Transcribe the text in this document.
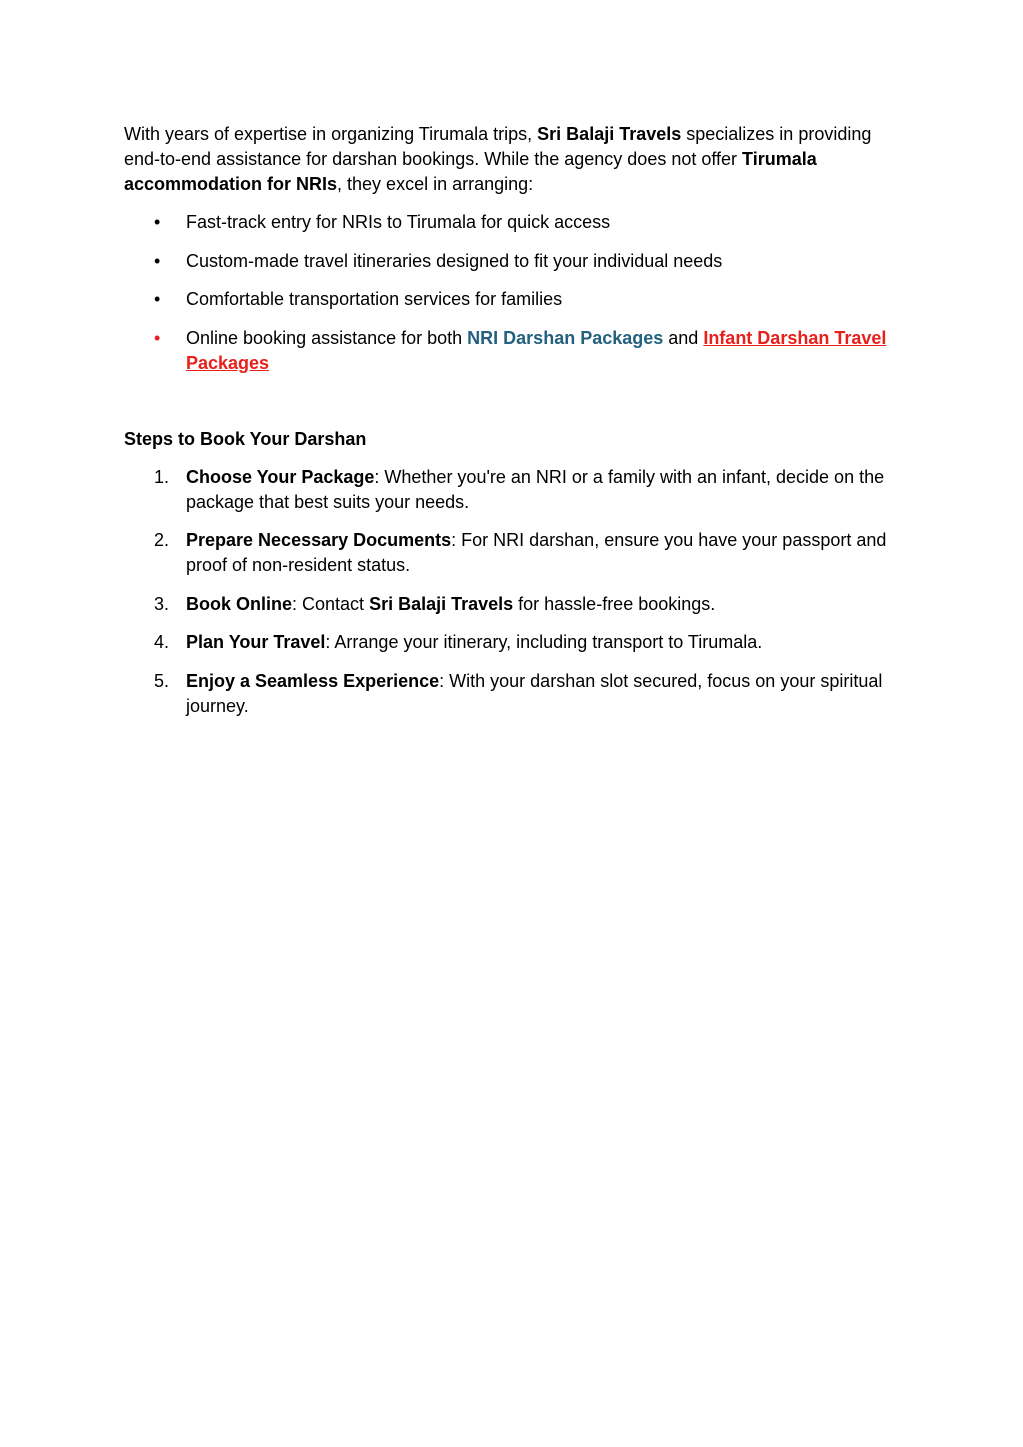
With years of expertise in organizing Tirumala trips, Sri Balaji Travels specializes in providing end-to-end assistance for darshan bookings. While the agency does not offer Tirumala accommodation for NRIs, they excel in arranging:

• Fast-track entry for NRIs to Tirumala for quick access
• Custom-made travel itineraries designed to fit your individual needs
• Comfortable transportation services for families
• Online booking assistance for both NRI Darshan Packages and Infant Darshan Travel Packages

Steps to Book Your Darshan

1. Choose Your Package: Whether you're an NRI or a family with an infant, decide on the package that best suits your needs.
2. Prepare Necessary Documents: For NRI darshan, ensure you have your passport and proof of non-resident status.
3. Book Online: Contact Sri Balaji Travels for hassle-free bookings.
4. Plan Your Travel: Arrange your itinerary, including transport to Tirumala.
5. Enjoy a Seamless Experience: With your darshan slot secured, focus on your spiritual journey.
